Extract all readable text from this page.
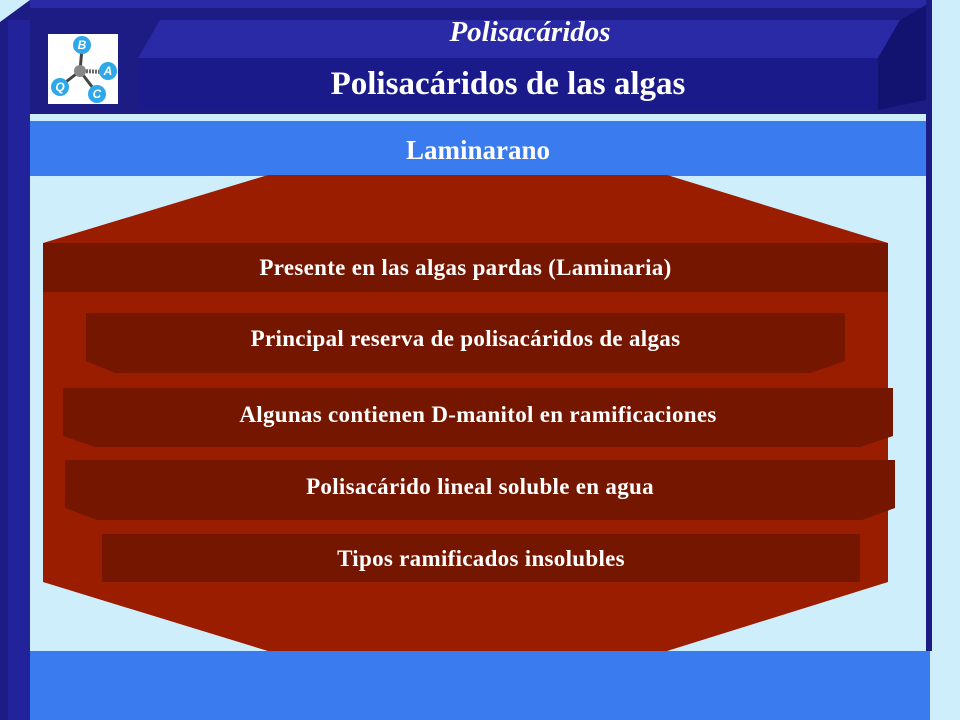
B
A
C
Q
Polisacáridos
Polisacáridos de las algas
Laminarano
Presente en las algas pardas (Laminaria)
Principal reserva de polisacáridos de algas
Algunas contienen D-manitol en ramificaciones
Polisacárido lineal soluble en agua
Tipos ramificados insolubles
